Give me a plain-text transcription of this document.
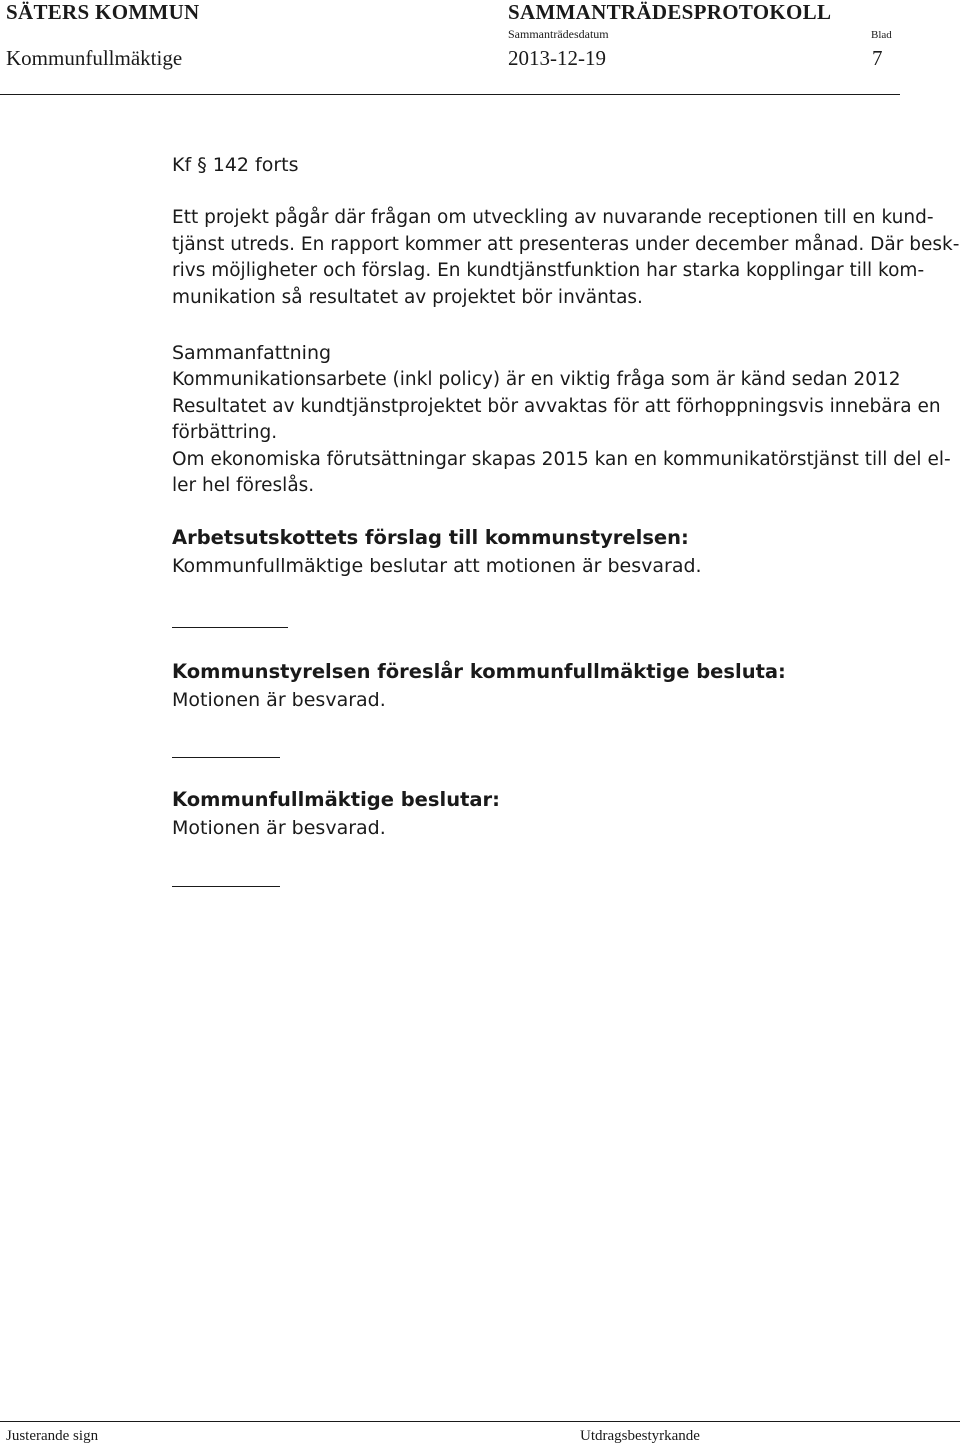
SÄTERS KOMMUN	SAMMANTRÄDESPROTOKOLL
Sammanträdesdatum	Blad
Kommunfullmäktige	2013-12-19	7
Kf § 142 forts
Ett projekt pågår där frågan om utveckling av nuvarande receptionen till en kund-
tjänst utreds. En rapport kommer att presenteras under december månad. Där besk-
rivs möjligheter och förslag. En kundtjänstfunktion har starka kopplingar till kom-
munikation så resultatet av projektet bör inväntas.
Sammanfattning
Kommunikationsarbete (inkl policy) är en viktig fråga som är känd sedan 2012
Resultatet av kundtjänstprojektet bör avvaktas för att förhoppningsvis innebära en
förbättring.
Om ekonomiska förutsättningar skapas 2015 kan en kommunikatörstjänst till del el-
ler hel föreslås.
Arbetsutskottets förslag till kommunstyrelsen:
Kommunfullmäktige beslutar att motionen är besvarad.
Kommunstyrelsen föreslår kommunfullmäktige besluta:
Motionen är besvarad.
Kommunfullmäktige beslutar:
Motionen är besvarad.
Justerande sign	Utdragsbestyrkande
